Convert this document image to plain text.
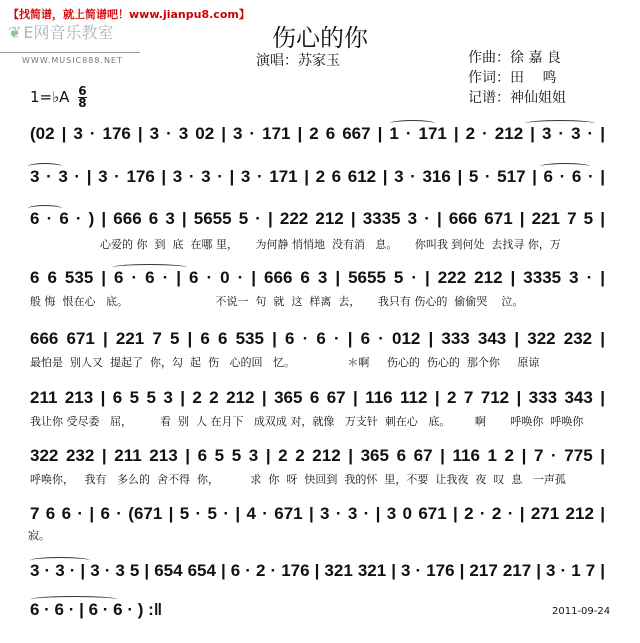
【找简谱，就上简谱吧！www.jianpu8.com】
❦ E网音乐教室
WWW.MUSIC888.NET
伤心的你
演唱：苏家玉	作曲：徐 嘉 良
作词：田　 鸣
记谱：神仙姐姐
1=♭A $\frac{6}{8}$
(02 | 3 · 176 | 3 · 3 02 | 3 · 171 | 2 6 667 | 1 · 171 | 2 · 212 | 3 · 3 · |
3 · 3 · | 3 · 176 | 3 · 3 · | 3 · 171 | 2 6 612 | 3 · 316 | 5 · 517 | 6 · 6 · |
6 · 6 · ) | 666 6 3 | 5655 5 · | 222 212 | 3335 3 · | 666 671 | 221 7 5 |
心爱的 你  到  底  在哪 里，     为何静 悄悄地  没有消   息。     你叫我 到何处  去找寻 你，万
6 6 535 | 6 · 6 · | 6 · 0 · | 666 6 3 | 5655 5 · | 222 212 | 3335 3 · |
般 悔  恨在心   底。                         不说一  句  就  这  样离  去，     我只有 伤心的  偷偷哭    泣。
666 671 | 221 7 5 | 6 6 535 | 6 · 6 · | 6 · 012 | 333 343 | 322 232 |
最怕是  别人又  提起了  你，勾  起  伤   心的回   忆。               ＊啊     伤心的  伤心的  那个你     原谅
211 213 | 6 5 5 3 | 2 2 212 | 365 6 67 | 116 112 | 2 7 712 | 333 343 |
我让你 受尽委   屈，        看  别  人 在月下   成双成 对，就像   万支针  刺在心   底。       啊       呼唤你  呼唤你
322 232 | 211 213 | 6 5 5 3 | 2 2 212 | 365 6 67 | 116 1 2 | 7 · 775 |
呼唤你，   我有   多么的  舍不得  你，         求  你  呀  快回到  我的怀  里，不要  让我夜  夜  叹  息   一声孤
7 6 6 · | 6 · (671 | 5 · 5 · | 4 · 671 | 3 · 3 · | 3 0 671 | 2 · 2 · | 271 212 |
寂。
3 · 3 · | 3 · 3 5 | 654 654 | 6 · 2 · 176 | 321 321 | 3 · 176 | 217 217 | 3 · 1 7 |
6 · 6 · | 6 · 6 · ) :‖	2011-09-24
